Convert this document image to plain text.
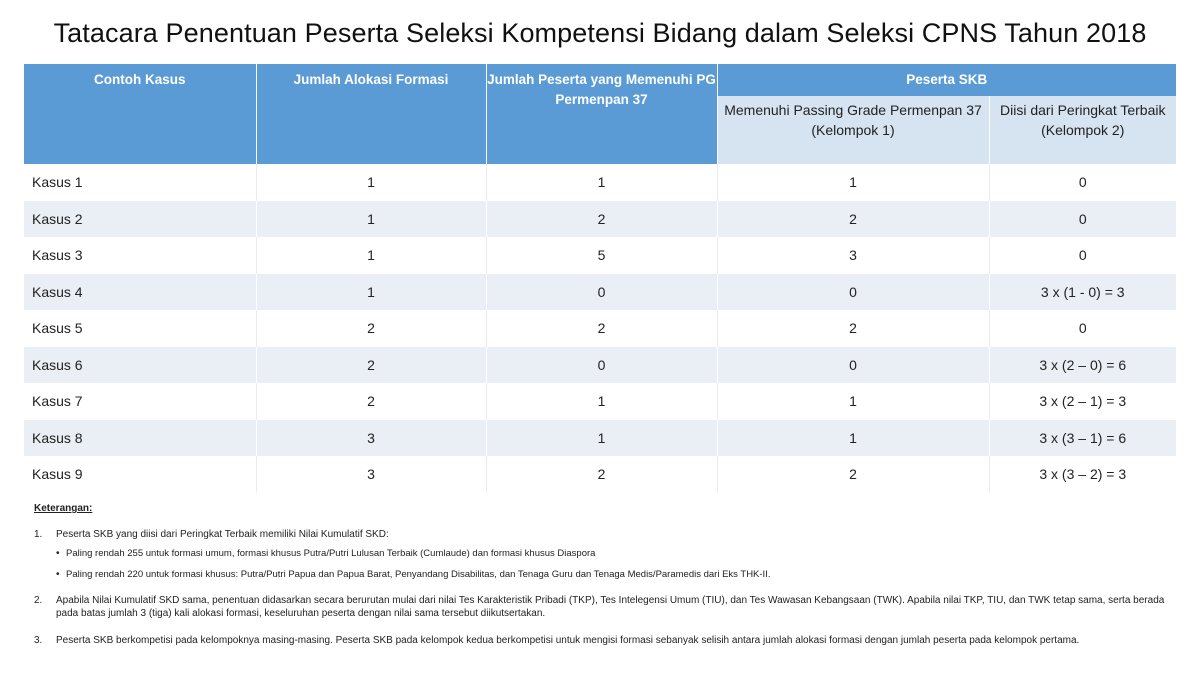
Tatacara Penentuan Peserta Seleksi Kompetensi Bidang dalam Seleksi CPNS Tahun 2018
Contoh Kasus	Jumlah Alokasi Formasi	Jumlah Peserta yang Memenuhi PG Permenpan 37	Peserta SKB	
			Memenuhi Passing Grade Permenpan 37 (Kelompok 1)	Diisi dari Peringkat Terbaik (Kelompok 2)
Kasus 1	1	1	1	0
Kasus 2	1	2	2	0
Kasus 3	1	5	3	0
Kasus 4	1	0	0	3 x (1 - 0) = 3
Kasus 5	2	2	2	0
Kasus 6	2	0	0	3 x (2 – 0) = 6
Kasus 7	2	1	1	3 x (2 – 1) = 3
Kasus 8	3	1	1	3 x (3 – 1) = 6
Kasus 9	3	2	2	3 x (3 – 2) = 3
Keterangan:
1.	Peserta SKB yang diisi dari Peringkat Terbaik memiliki Nilai Kumulatif SKD:
• Paling rendah 255 untuk formasi umum, formasi khusus Putra/Putri Lulusan Terbaik (Cumlaude) dan formasi khusus Diaspora
• Paling rendah 220 untuk formasi khusus: Putra/Putri Papua dan Papua Barat, Penyandang Disabilitas, dan Tenaga Guru dan Tenaga Medis/Paramedis dari Eks THK-II.
2.	Apabila Nilai Kumulatif SKD sama, penentuan didasarkan secara berurutan mulai dari nilai Tes Karakteristik Pribadi (TKP), Tes Intelegensi Umum (TIU), dan Tes Wawasan Kebangsaan (TWK). Apabila nilai TKP, TIU, dan TWK tetap sama, serta berada pada batas jumlah 3 (tiga) kali alokasi formasi, keseluruhan peserta dengan nilai sama tersebut diikutsertakan.
3.	Peserta SKB berkompetisi pada kelompoknya masing-masing. Peserta SKB pada kelompok kedua berkompetisi untuk mengisi formasi sebanyak selisih antara jumlah alokasi formasi dengan jumlah peserta pada kelompok pertama.
